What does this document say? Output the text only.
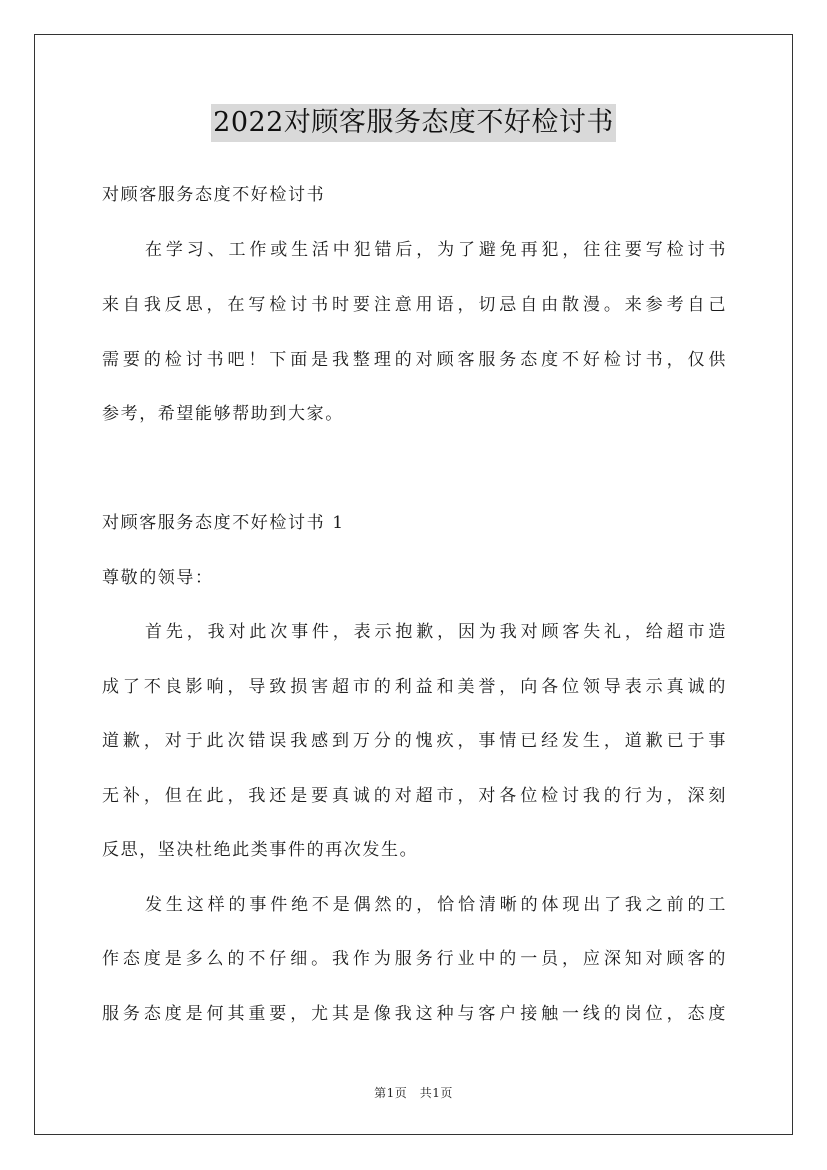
2022对顾客服务态度不好检讨书
对顾客服务态度不好检讨书
在学习、工作或生活中犯错后，为了避免再犯，往往要写检讨书
来自我反思，在写检讨书时要注意用语，切忌自由散漫。来参考自己
需要的检讨书吧！下面是我整理的对顾客服务态度不好检讨书，仅供
参考，希望能够帮助到大家。
对顾客服务态度不好检讨书 1
尊敬的领导：
首先，我对此次事件，表示抱歉，因为我对顾客失礼，给超市造
成了不良影响，导致损害超市的利益和美誉，向各位领导表示真诚的
道歉，对于此次错误我感到万分的愧疚，事情已经发生，道歉已于事
无补，但在此，我还是要真诚的对超市，对各位检讨我的行为，深刻
反思，坚决杜绝此类事件的再次发生。
发生这样的事件绝不是偶然的，恰恰清晰的体现出了我之前的工
作态度是多么的不仔细。我作为服务行业中的一员，应深知对顾客的
服务态度是何其重要，尤其是像我这种与客户接触一线的岗位，态度
第1页　共1页
